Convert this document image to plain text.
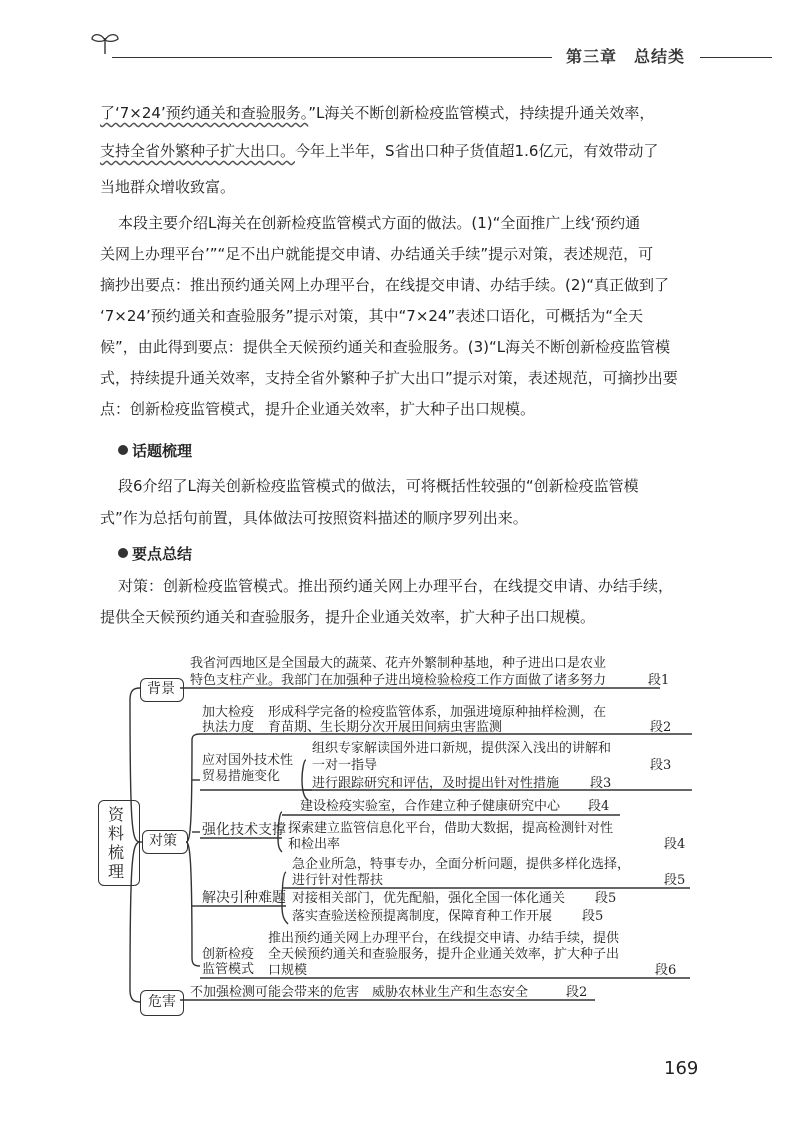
第三章　总结类
了‘7×24’预约通关和查验服务。”L海关不断创新检疫监管模式，持续提升通关效率，
支持全省外繁种子扩大出口。今年上半年，S省出口种子货值超1.6亿元，有效带动了
当地群众增收致富。
本段主要介绍L海关在创新检疫监管模式方面的做法。(1)“全面推广上线‘预约通
关网上办理平台’”“足不出户就能提交申请、办结通关手续”提示对策，表述规范，可
摘抄出要点：推出预约通关网上办理平台，在线提交申请、办结手续。(2)“真正做到了
‘7×24’预约通关和查验服务”提示对策，其中“7×24”表述口语化，可概括为“全天
候”，由此得到要点：提供全天候预约通关和查验服务。(3)“L海关不断创新检疫监管模
式，持续提升通关效率，支持全省外繁种子扩大出口”提示对策，表述规范，可摘抄出要
点：创新检疫监管模式，提升企业通关效率，扩大种子出口规模。
话题梳理
段6介绍了L海关创新检疫监管模式的做法，可将概括性较强的“创新检疫监管模
式”作为总括句前置，具体做法可按照资料描述的顺序罗列出来。
要点总结
对策：创新检疫监管模式。推出预约通关网上办理平台，在线提交申请、办结手续，
提供全天候预约通关和查验服务，提升企业通关效率，扩大种子出口规模。
资
料
梳
理
背景
我省河西地区是全国最大的蔬菜、花卉外繁制种基地，种子进出口是农业
特色支柱产业。我部门在加强种子进出境检验检疫工作方面做了诸多努力	段1
对策
加大检疫
执法力度
形成科学完备的检疫监管体系，加强进境原种抽样检测，在
育苗期、生长期分次开展田间病虫害监测	段2
应对国外技术性
贸易措施变化
组织专家解读国外进口新规，提供深入浅出的讲解和
一对一指导	段3
进行跟踪研究和评估，及时提出针对性措施 段3
建设检疫实验室，合作建立种子健康研究中心 段4
强化技术支撑 探索建立监管信息化平台，借助大数据，提高检测针对性
和检出率	段4
急企业所急，特事专办，全面分析问题，提供多样化选择，
进行针对性帮扶	段5
解决引种难题 对接相关部门，优先配船，强化全国一体化通关 段5
落实查验送检预提离制度，保障育种工作开展 段5
创新检疫
监管模式
推出预约通关网上办理平台，在线提交申请、办结手续，提供
全天候预约通关和查验服务，提升企业通关效率，扩大种子出
口规模	段6
危害
不加强检测可能会带来的危害　威胁农林业生产和生态安全	段2
169
